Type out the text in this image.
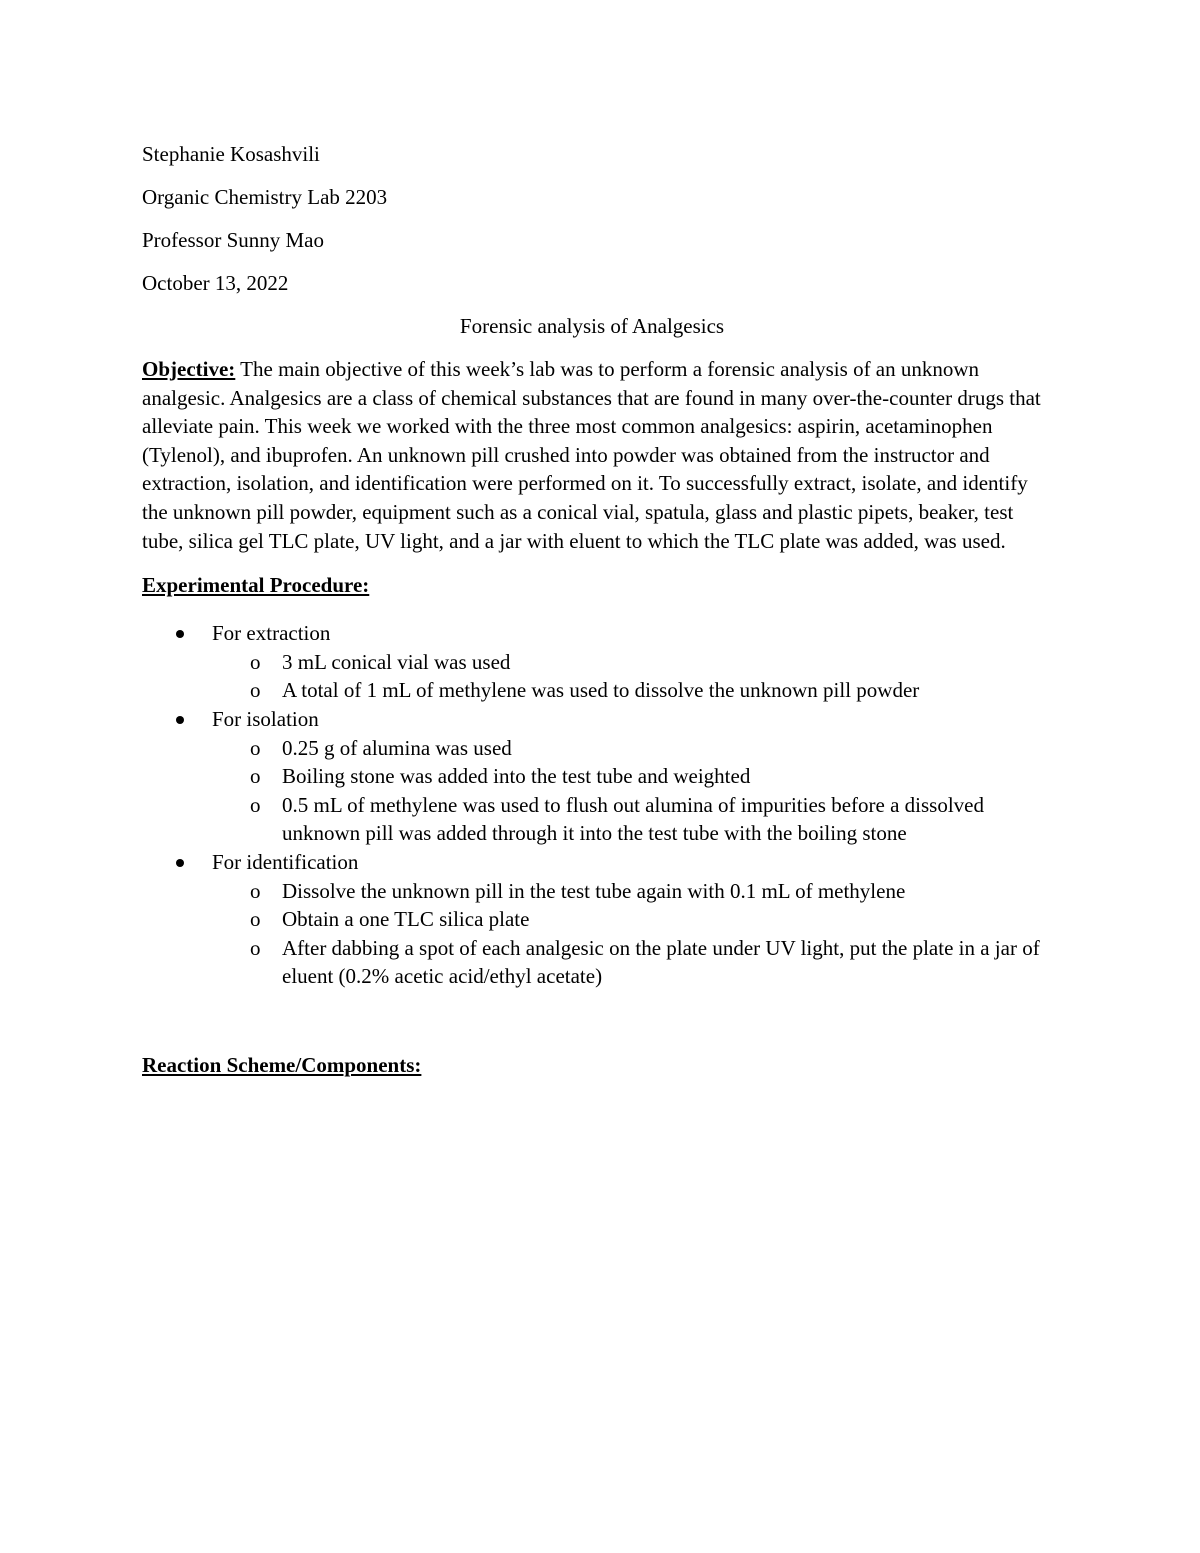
Stephanie Kosashvili

Organic Chemistry Lab 2203

Professor Sunny Mao

October 13, 2022

Forensic analysis of Analgesics

Objective: The main objective of this week’s lab was to perform a forensic analysis of an unknown analgesic. Analgesics are a class of chemical substances that are found in many over-the-counter drugs that alleviate pain. This week we worked with the three most common analgesics: aspirin, acetaminophen (Tylenol), and ibuprofen. An unknown pill crushed into powder was obtained from the instructor and extraction, isolation, and identification were performed on it. To successfully extract, isolate, and identify the unknown pill powder, equipment such as a conical vial, spatula, glass and plastic pipets, beaker, test tube, silica gel TLC plate, UV light, and a jar with eluent to which the TLC plate was added, was used.

Experimental Procedure:

For extraction
o	3 mL conical vial was used
o	A total of 1 mL of methylene was used to dissolve the unknown pill powder
For isolation
o	0.25 g of alumina was used
o	Boiling stone was added into the test tube and weighted
o	0.5 mL of methylene was used to flush out alumina of impurities before a dissolved unknown pill was added through it into the test tube with the boiling stone
For identification
o	Dissolve the unknown pill in the test tube again with 0.1 mL of methylene
o	Obtain a one TLC silica plate
o	After dabbing a spot of each analgesic on the plate under UV light, put the plate in a jar of eluent (0.2% acetic acid/ethyl acetate)

Reaction Scheme/Components:
